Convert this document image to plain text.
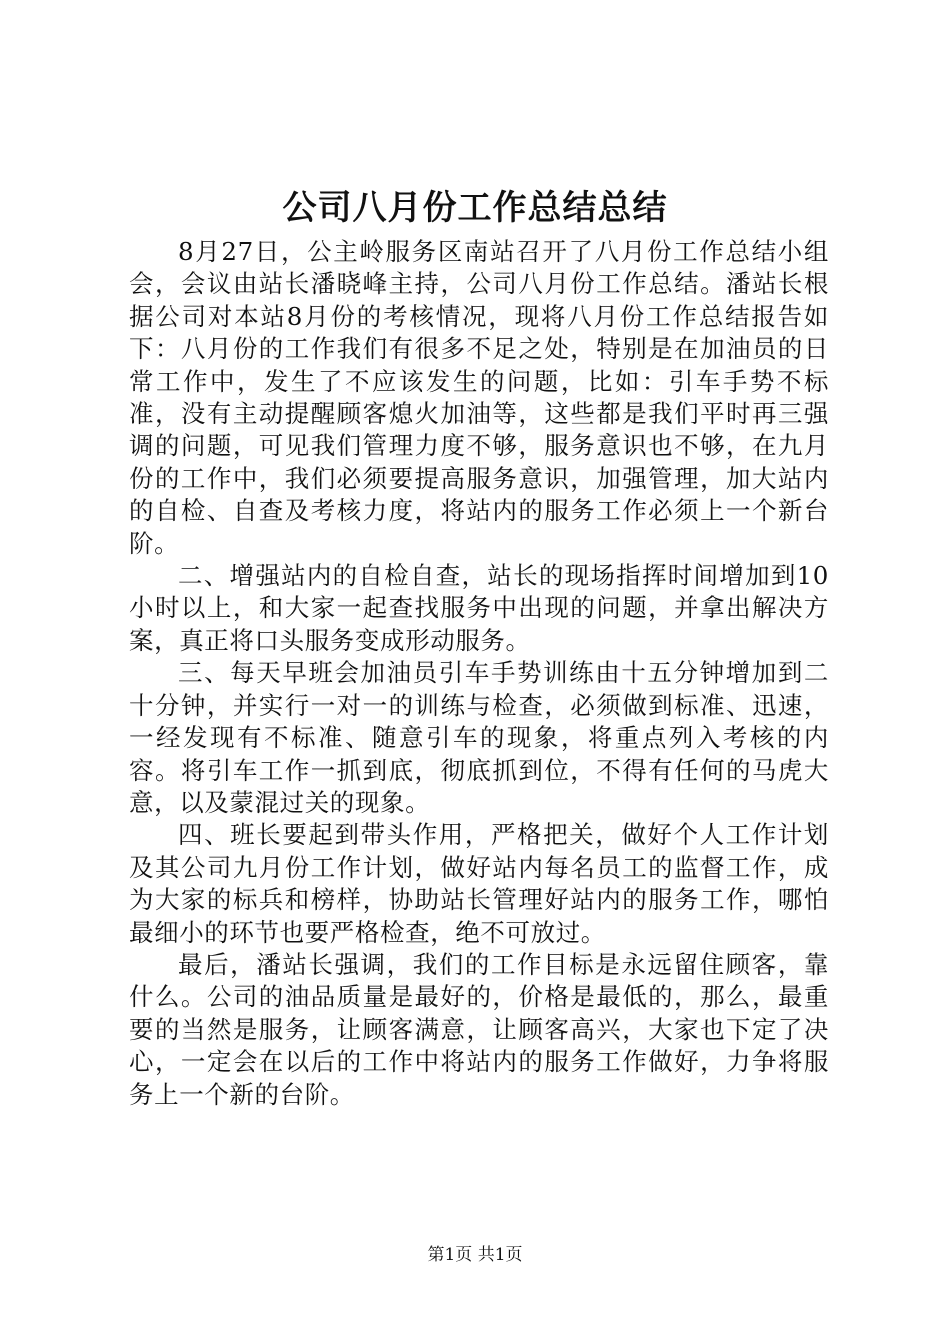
公司八月份工作总结总结

8月27日，公主岭服务区南站召开了八月份工作总结小组会，会议由站长潘晓峰主持，公司八月份工作总结。潘站长根据公司对本站8月份的考核情况，现将八月份工作总结报告如下：八月份的工作我们有很多不足之处，特别是在加油员的日常工作中，发生了不应该发生的问题，比如：引车手势不标准，没有主动提醒顾客熄火加油等，这些都是我们平时再三强调的问题，可见我们管理力度不够，服务意识也不够，在九月份的工作中，我们必须要提高服务意识，加强管理，加大站内的自检、自查及考核力度，将站内的服务工作必须上一个新台阶。

二、增强站内的自检自查，站长的现场指挥时间增加到10小时以上，和大家一起查找服务中出现的问题，并拿出解决方案，真正将口头服务变成形动服务。

三、每天早班会加油员引车手势训练由十五分钟增加到二十分钟，并实行一对一的训练与检查，必须做到标准、迅速，一经发现有不标准、随意引车的现象，将重点列入考核的内容。将引车工作一抓到底，彻底抓到位，不得有任何的马虎大意，以及蒙混过关的现象。

四、班长要起到带头作用，严格把关，做好个人工作计划及其公司九月份工作计划，做好站内每名员工的监督工作，成为大家的标兵和榜样，协助站长管理好站内的服务工作，哪怕最细小的环节也要严格检查，绝不可放过。

最后，潘站长强调，我们的工作目标是永远留住顾客，靠什么。公司的油品质量是最好的，价格是最低的，那么，最重要的当然是服务，让顾客满意，让顾客高兴，大家也下定了决心，一定会在以后的工作中将站内的服务工作做好，力争将服务上一个新的台阶。

第1页 共1页
